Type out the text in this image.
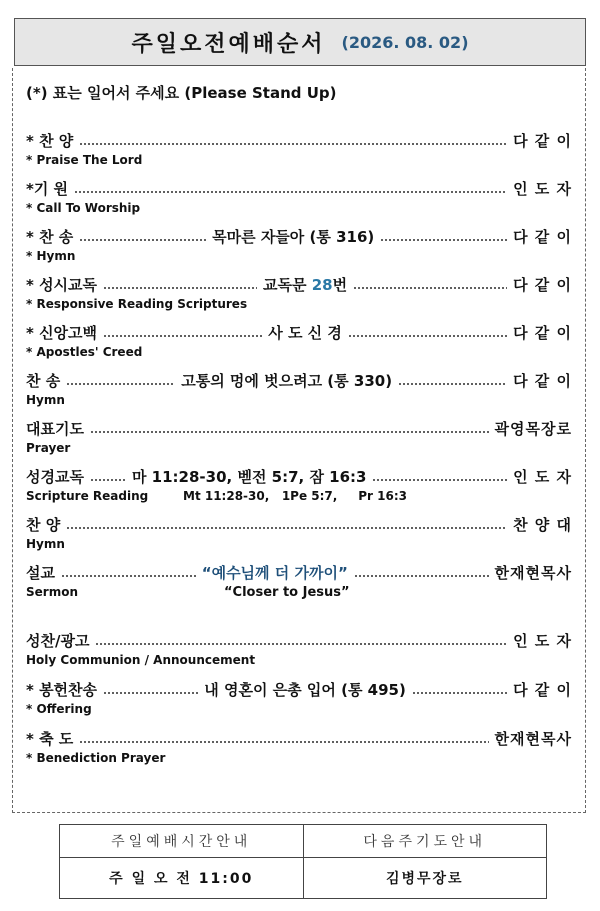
주일오전예배순서 (2026. 08. 02)
(*) 표는 일어서 주세요 (Please Stand Up)
* 찬 양	다 같 이
* Praise The Lord
*기 원	인 도 자
* Call To Worship
* 찬 송	목마른 자들아 (통 316)	다 같 이
* Hymn
* 성시교독	교독문 28번	다 같 이
* Responsive Reading Scriptures
* 신앙고백	사 도 신 경	다 같 이
* Apostles' Creed
찬 송	고통의 멍에 벗으려고 (통 330)	다 같 이
Hymn
대표기도	곽영목장로
Prayer
성경교독	마 11:28-30, 벧전 5:7, 잠 16:3	인 도 자
Scripture Reading	Mt 11:28-30,   1Pe 5:7,     Pr 16:3
찬 양	찬 양 대
Hymn
설교	“예수님께 더 가까이”	한재현목사
Sermon	“Closer to Jesus”
성찬/광고	인 도 자
Holy Communion / Announcement
* 봉헌찬송	내 영혼이 은총 입어 (통 495)	다 같 이
* Offering
* 축 도	한재현목사
* Benediction Prayer
주일예배시간안내	다음주기도안내
주 일 오 전 11:00	김병무장로
